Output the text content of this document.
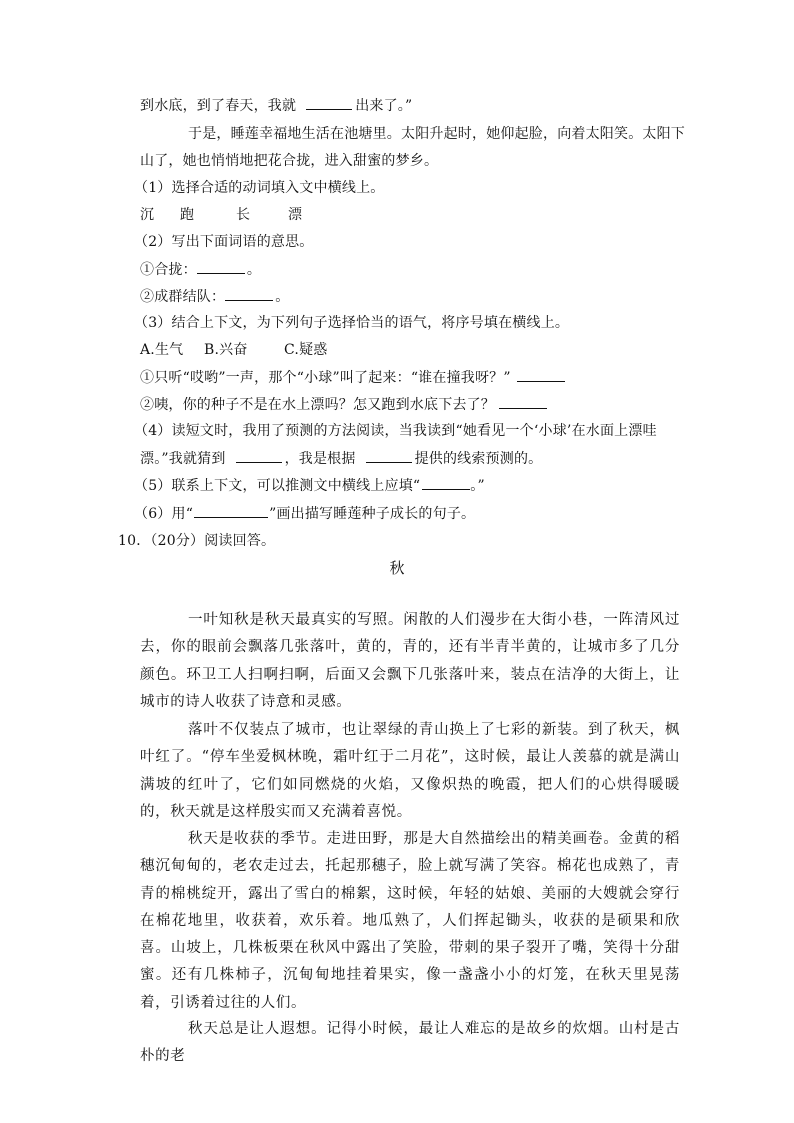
到水底，到了春天，我就	出来了。”
于是，睡莲幸福地生活在池塘里。太阳升起时，她仰起脸，向着太阳笑。太阳下
山了，她也悄悄地把花合拢，进入甜蜜的梦乡。
（1）选择合适的动词填入文中横线上。
沉 跑	长	漂
（2）写出下面词语的意思。
①合拢：	。
②成群结队：	。
（3）结合上下文，为下列句子选择恰当的语气，将序号填在横线上。
A.生气 B.兴奋	C.疑惑
①只听“哎哟”一声，那个“小球”叫了起来：“谁在撞我呀？”
②咦，你的种子不是在水上漂吗？怎又跑到水底下去了？
（4）读短文时，我用了预测的方法阅读，当我读到“她看见一个‘小球’在水面上漂哇
漂。”我就猜到	，我是根据	提供的线索预测的。
（5）联系上下文，可以推测文中横线上应填“	。”
（6）用“	”画出描写睡莲种子成长的句子。
10．（20分）阅读回答。
秋

一叶知秋是秋天最真实的写照。闲散的人们漫步在大街小巷，一阵清风过去，你的眼前会飘落几张落叶，黄的，青的，还有半青半黄的，让城市多了几分颜色。环卫工人扫啊扫啊，后面又会飘下几张落叶来，装点在洁净的大街上，让城市的诗人收获了诗意和灵感。

落叶不仅装点了城市，也让翠绿的青山换上了七彩的新装。到了秋天，枫叶红了。“停车坐爱枫林晚，霜叶红于二月花”，这时候，最让人羡慕的就是满山满坡的红叶了，它们如同燃烧的火焰，又像炽热的晚霞，把人们的心烘得暖暖的，秋天就是这样殷实而又充满着喜悦。

秋天是收获的季节。走进田野，那是大自然描绘出的精美画卷。金黄的稻穗沉甸甸的，老农走过去，托起那穗子，脸上就写满了笑容。棉花也成熟了，青青的棉桃绽开，露出了雪白的棉絮，这时候，年轻的姑娘、美丽的大嫂就会穿行在棉花地里，收获着，欢乐着。地瓜熟了，人们挥起锄头，收获的是硕果和欣喜。山坡上，几株板栗在秋风中露出了笑脸，带刺的果子裂开了嘴，笑得十分甜蜜。还有几株柿子，沉甸甸地挂着果实，像一盏盏小小的灯笼，在秋天里晃荡着，引诱着过往的人们。

秋天总是让人遐想。记得小时候，最让人难忘的是故乡的炊烟。山村是古朴的老
